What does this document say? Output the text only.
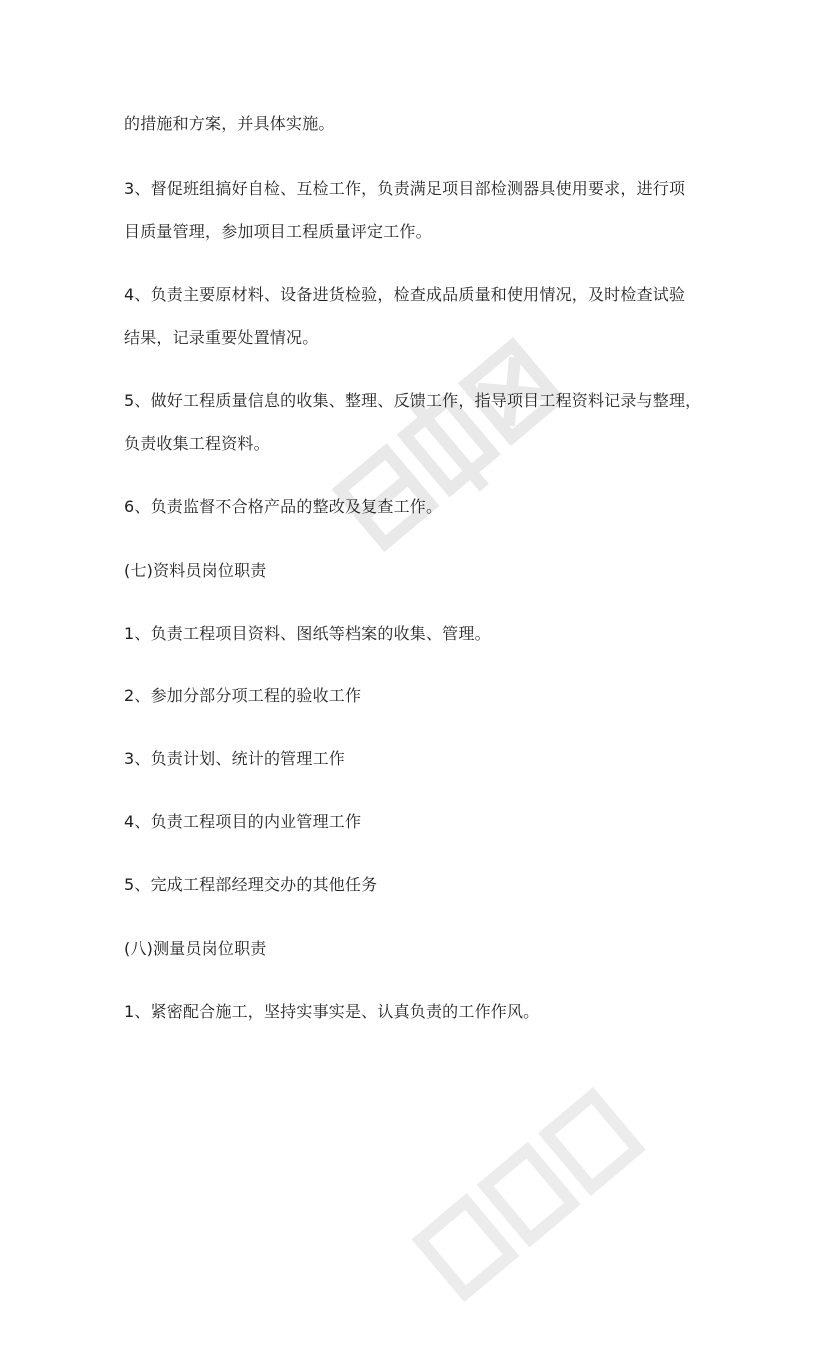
的措施和方案，并具体实施。
3、督促班组搞好自检、互检工作，负责满足项目部检测器具使用要求，进行项
目质量管理，参加项目工程质量评定工作。
4、负责主要原材料、设备进货检验，检查成品质量和使用情况，及时检查试验
结果，记录重要处置情况。
5、做好工程质量信息的收集、整理、反馈工作，指导项目工程资料记录与整理，
负责收集工程资料。
6、负责监督不合格产品的整改及复查工作。
(七)资料员岗位职责
1、负责工程项目资料、图纸等档案的收集、管理。
2、参加分部分项工程的验收工作
3、负责计划、统计的管理工作
4、负责工程项目的内业管理工作
5、完成工程部经理交办的其他任务
(八)测量员岗位职责
1、紧密配合施工，坚持实事实是、认真负责的工作作风。
